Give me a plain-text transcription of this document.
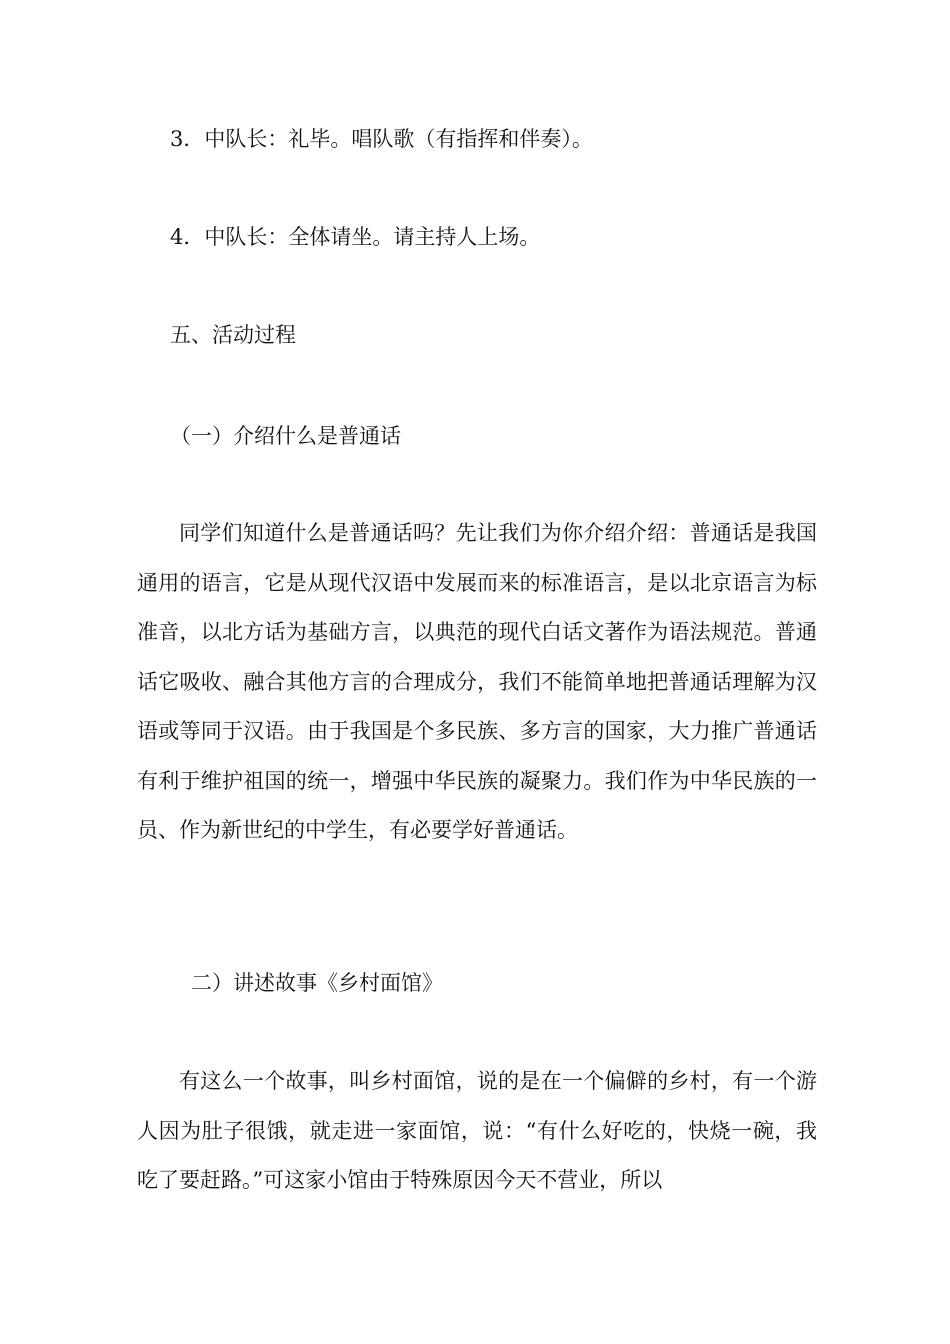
3．中队长：礼毕。唱队歌（有指挥和伴奏）。
4．中队长：全体请坐。请主持人上场。
五、活动过程
（一）介绍什么是普通话
同学们知道什么是普通话吗？先让我们为你介绍介绍：普通话是我国通用的语言，它是从现代汉语中发展而来的标准语言，是以北京语言为标准音，以北方话为基础方言，以典范的现代白话文著作为语法规范。普通话它吸收、融合其他方言的合理成分，我们不能简单地把普通话理解为汉语或等同于汉语。由于我国是个多民族、多方言的国家，大力推广普通话有利于维护祖国的统一，增强中华民族的凝聚力。我们作为中华民族的一员、作为新世纪的中学生，有必要学好普通话。
二）讲述故事《乡村面馆》
有这么一个故事，叫乡村面馆，说的是在一个偏僻的乡村，有一个游人因为肚子很饿，就走进一家面馆，说：“有什么好吃的，快烧一碗，我吃了要赶路。”可这家小馆由于特殊原因今天不营业，所以
